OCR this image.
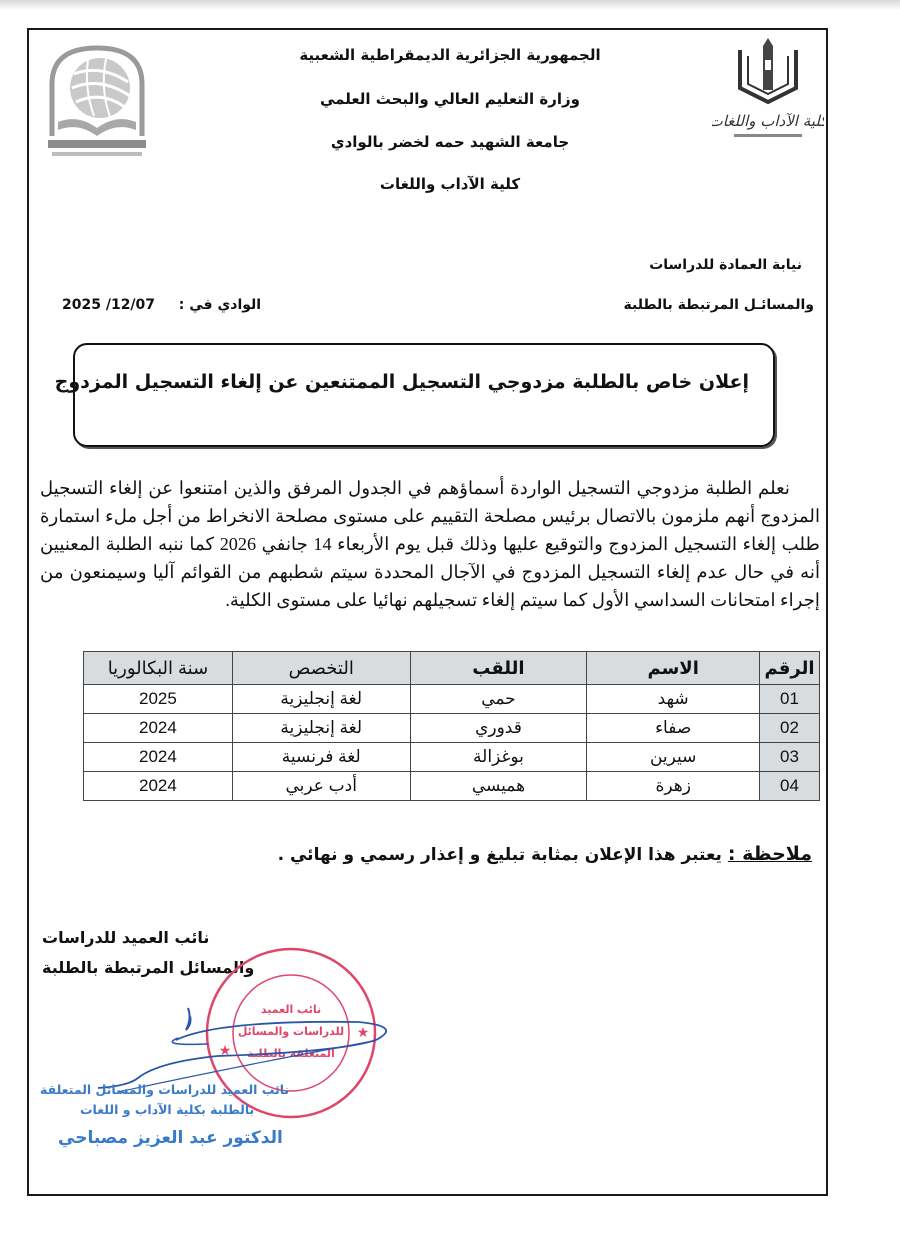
كلية الآداب واللغات
الجمهورية الجزائرية الديمقراطية الشعبية
وزارة التعليم العالي والبحث العلمي
جامعة الشهيد حمه لخضر بالوادي
كلية الآداب واللغات
نيابة العمادة للدراسات
والمسائـل المرتبطة بالطلبة
الوادي في :  2025 /12/07
إعلان خاص بالطلبة مزدوجي التسجيل الممتنعين عن إلغاء التسجيل المزدوج

نعلم الطلبة مزدوجي التسجيل الواردة أسماؤهم في الجدول المرفق والذين امتنعوا عن إلغاء التسجيل المزدوج أنهم ملزمون بالاتصال برئيس مصلحة التقييم على مستوى مصلحة الانخراط من أجل ملء استمارة طلب إلغاء التسجيل المزدوج والتوقيع عليها وذلك قبل يوم الأربعاء 14 جانفي 2026 كما ننبه الطلبة المعنيين أنه في حال عدم إلغاء التسجيل المزدوج في الآجال المحددة سيتم شطبهم من القوائم آليا وسيمنعون من إجراء امتحانات السداسي الأول كما سيتم إلغاء تسجيلهم نهائيا على مستوى الكلية.

الرقم	الاسم	اللقب	التخصص	سنة البكالوريا
01	شهد	حمي	لغة إنجليزية	2025
02	صفاء	قدوري	لغة إنجليزية	2024
03	سيرين	بوغزالة	لغة فرنسية	2024
04	زهرة	هميسي	أدب عربي	2024
ملاحظة : يعتبر هذا الإعلان بمثابة تبليغ و إعذار رسمي و نهائي .
نائب العميد للدراسات
والمسائل المرتبطة بالطلبة
نائب العميد
للدراسات والمسائل
المتعلقة بالطلبة
★
★
نائب العميد للدراسات والمسائل المتعلقة
بالطلبة بكلية الآداب و اللغات
الدكتور عبد العزيز مصباحي
